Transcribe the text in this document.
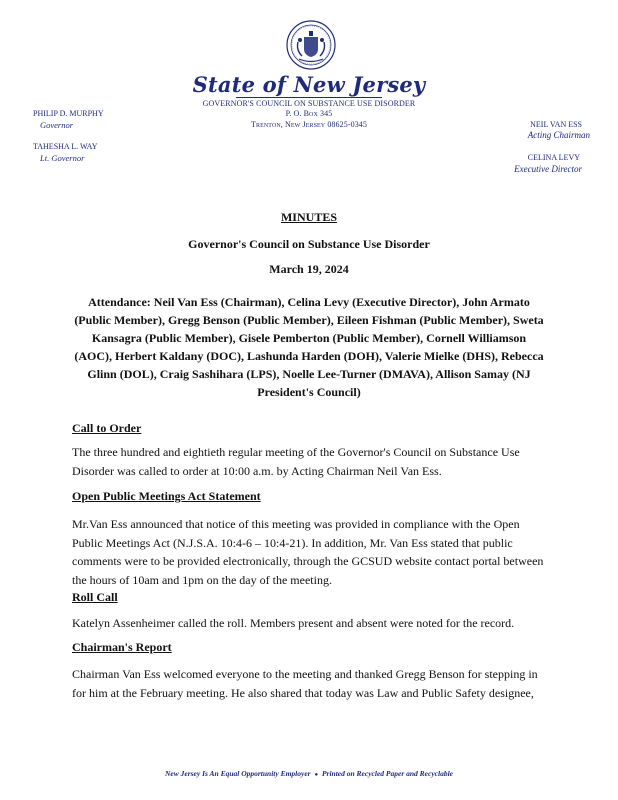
State of New Jersey
GOVERNOR'S COUNCIL ON SUBSTANCE USE DISORDER
P. O. Box 345
Trenton, New Jersey 08625-0345
PHILIP D. MURPHY
Governor
TAHESHA L. WAY
Lt. Governor
NEIL VAN ESS
Acting Chairman
CELINA LEVY
Executive Director
MINUTES
Governor's Council on Substance Use Disorder
March 19, 2024
Attendance: Neil Van Ess (Chairman), Celina Levy (Executive Director), John Armato (Public Member), Gregg Benson (Public Member), Eileen Fishman (Public Member), Sweta Kansagra (Public Member), Gisele Pemberton (Public Member), Cornell Williamson (AOC), Herbert Kaldany (DOC), Lashunda Harden (DOH), Valerie Mielke (DHS), Rebecca Glinn (DOL), Craig Sashihara (LPS), Noelle Lee-Turner (DMAVA), Allison Samay (NJ President's Council)
Call to Order
The three hundred and eightieth regular meeting of the Governor's Council on Substance Use Disorder was called to order at 10:00 a.m. by Acting Chairman Neil Van Ess.
Open Public Meetings Act Statement
Mr.Van Ess announced that notice of this meeting was provided in compliance with the Open Public Meetings Act (N.J.S.A. 10:4-6 – 10:4-21). In addition, Mr. Van Ess stated that public comments were to be provided electronically, through the GCSUD website contact portal between the hours of 10am and 1pm on the day of the meeting.
Roll Call
Katelyn Assenheimer called the roll. Members present and absent were noted for the record.
Chairman's Report
Chairman Van Ess welcomed everyone to the meeting and thanked Gregg Benson for stepping in for him at the February meeting. He also shared that today was Law and Public Safety designee,
New Jersey Is An Equal Opportunity Employer ● Printed on Recycled Paper and Recyclable
